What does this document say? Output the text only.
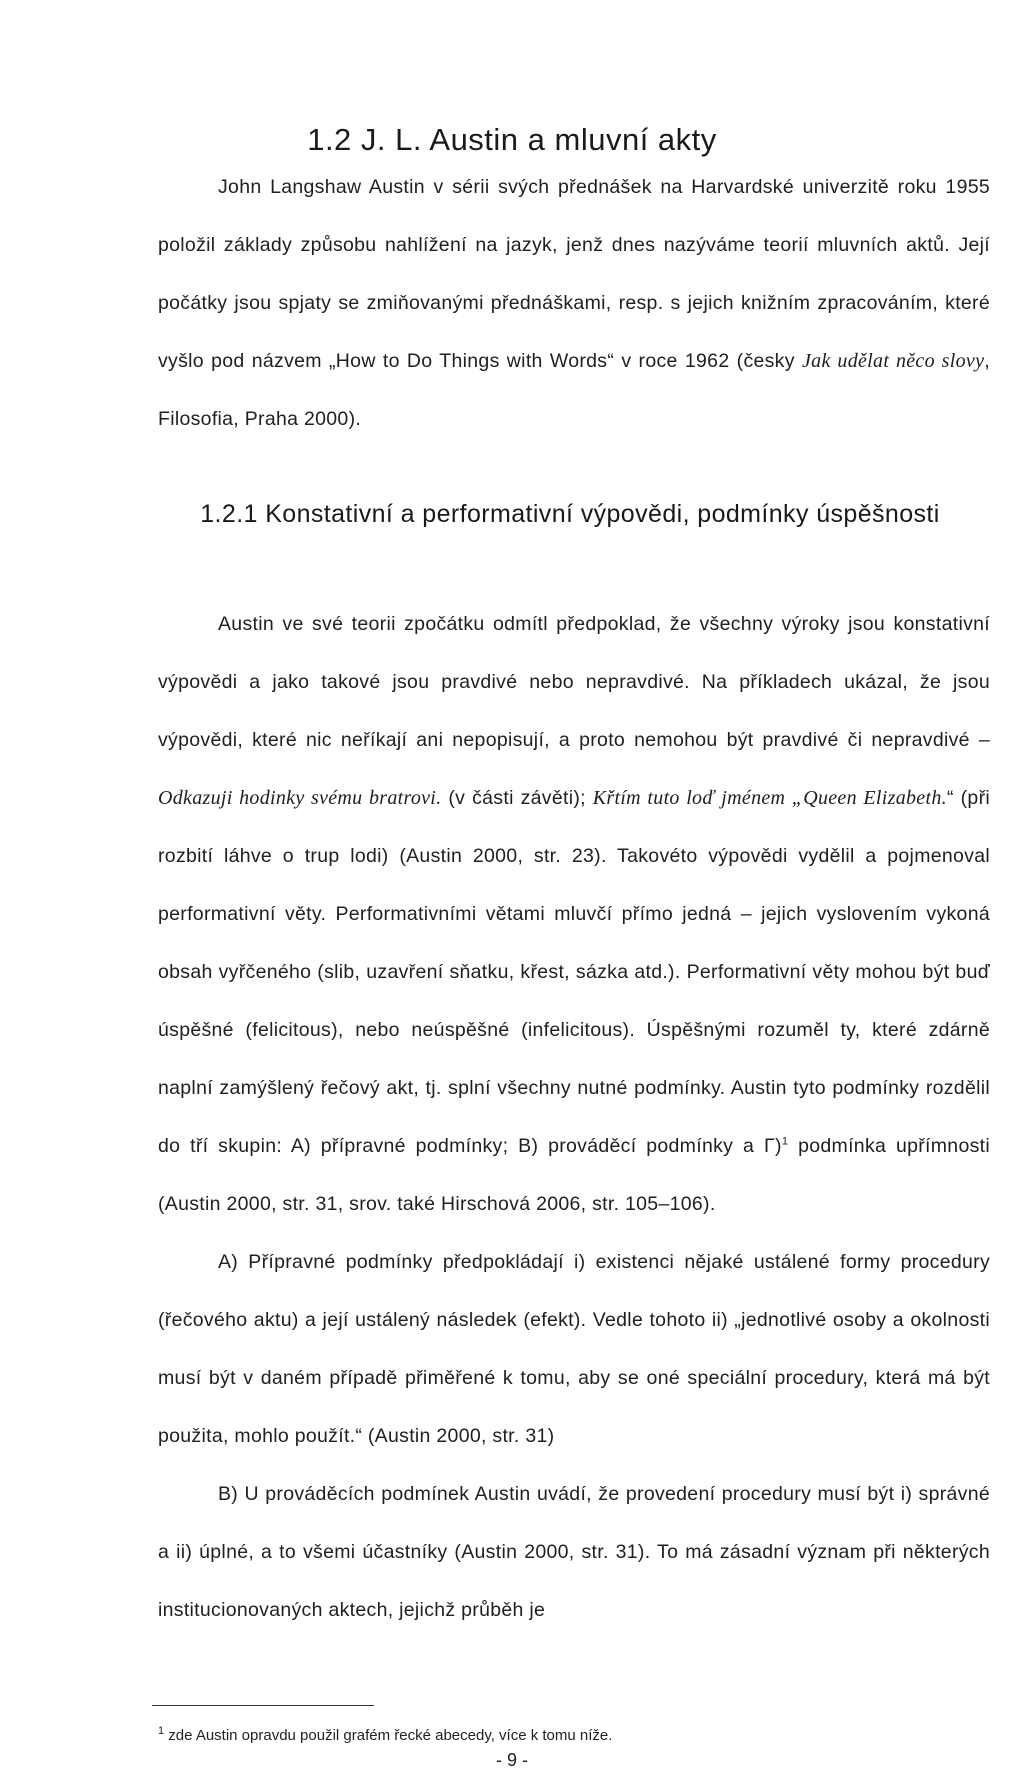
1.2 J. L. Austin a mluvní akty

John Langshaw Austin v sérii svých přednášek na Harvardské univerzitě roku 1955 položil základy způsobu nahlížení na jazyk, jenž dnes nazýváme teorií mluvních aktů. Její počátky jsou spjaty se zmiňovanými přednáškami, resp. s jejich knižním zpracováním, které vyšlo pod názvem „How to Do Things with Words“ v roce 1962 (česky Jak udělat něco slovy, Filosofia, Praha 2000).

1.2.1 Konstativní a performativní výpovědi, podmínky úspěšnosti

Austin ve své teorii zpočátku odmítl předpoklad, že všechny výroky jsou konstativní výpovědi a jako takové jsou pravdivé nebo nepravdivé. Na příkladech ukázal, že jsou výpovědi, které nic neříkají ani nepopisují, a proto nemohou být pravdivé či nepravdivé – Odkazuji hodinky svému bratrovi. (v části závěti); Křtím tuto loď jménem „Queen Elizabeth.“ (při rozbití láhve o trup lodi) (Austin 2000, str. 23). Takovéto výpovědi vydělil a pojmenoval performativní věty. Performativními větami mluvčí přímo jedná – jejich vyslovením vykoná obsah vyřčeného (slib, uzavření sňatku, křest, sázka atd.). Performativní věty mohou být buď úspěšné (felicitous), nebo neúspěšné (infelicitous). Úspěšnými rozuměl ty, které zdárně naplní zamýšlený řečový akt, tj. splní všechny nutné podmínky. Austin tyto podmínky rozdělil do tří skupin: A) přípravné podmínky; B) prováděcí podmínky a Γ)$^1$ podmínka upřímnosti (Austin 2000, str. 31, srov. také Hirschová 2006, str. 105–106).

A) Přípravné podmínky předpokládají i) existenci nějaké ustálené formy procedury (řečového aktu) a její ustálený následek (efekt). Vedle tohoto ii) „jednotlivé osoby a okolnosti musí být v daném případě přiměřené k tomu, aby se oné speciální procedury, která má být použita, mohlo použít.“ (Austin 2000, str. 31)

B) U prováděcích podmínek Austin uvádí, že provedení procedury musí být i) správné a ii) úplné, a to všemi účastníky (Austin 2000, str. 31). To má zásadní význam při některých institucionovaných aktech, jejichž průběh je

$^1$ zde Austin opravdu použil grafém řecké abecedy, více k tomu níže.
- 9 -
